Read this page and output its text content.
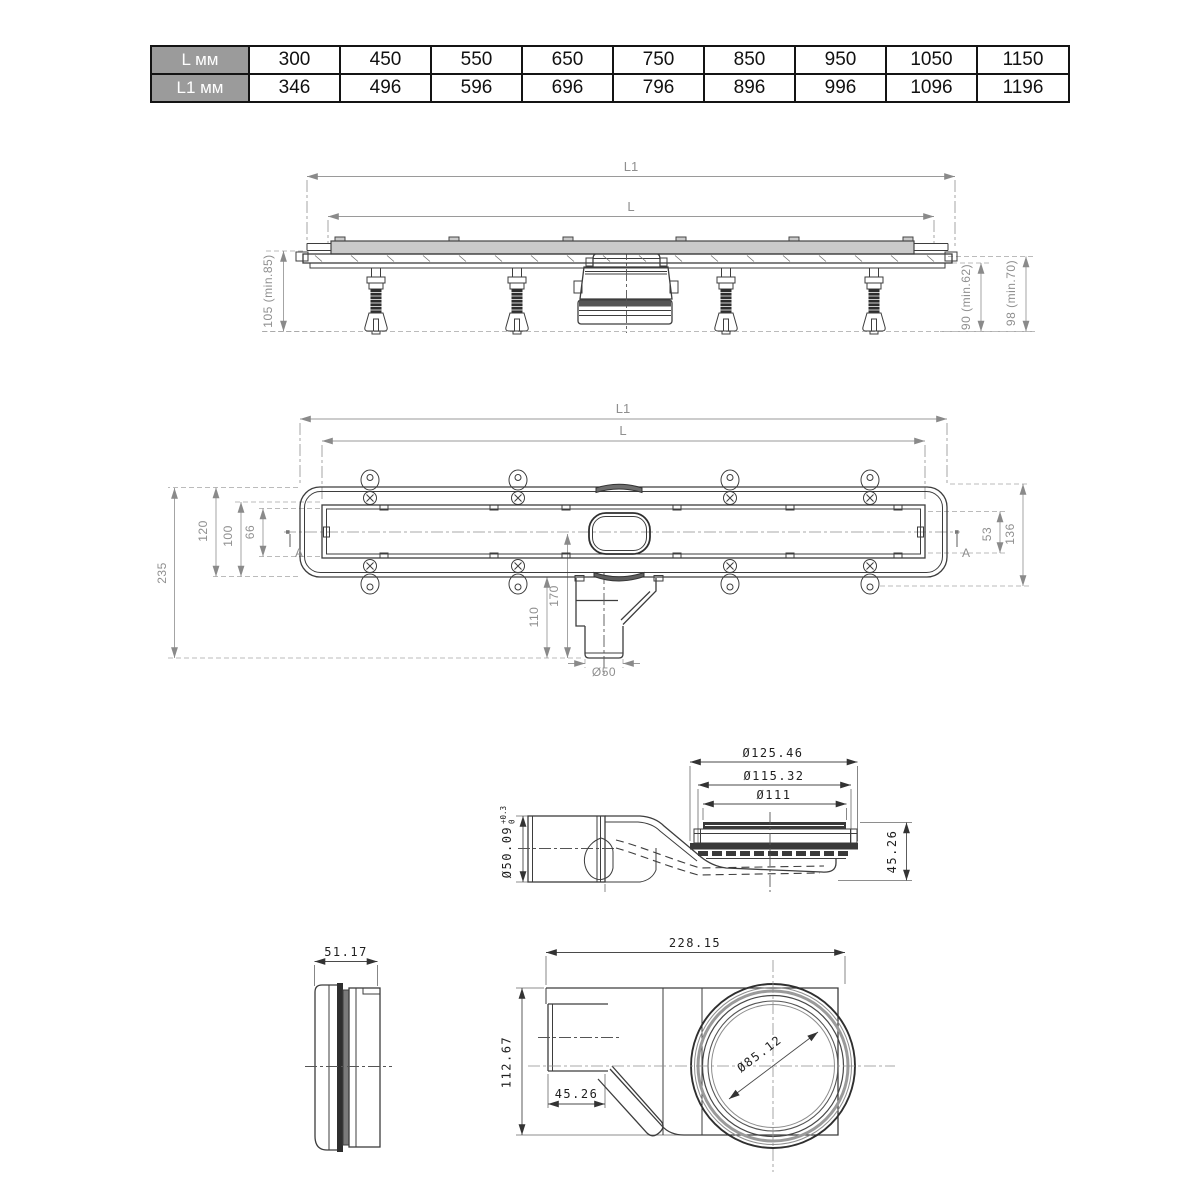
L мм	300	450	550	650	750	850	950	1050	1150
L1 мм	346	496	596	696	796	896	996	1096	1196
L1
L
105 (min.85)	90 (min.62)	98 (min.70)
L1
L
235
120 100 66	53 136
170
110
Ø50
A	A
Ø125.46
Ø115.32
Ø111
Ø50.09
+0.3 0
45.26
51.17
228.15
112.67
45.26
Ø85.12
